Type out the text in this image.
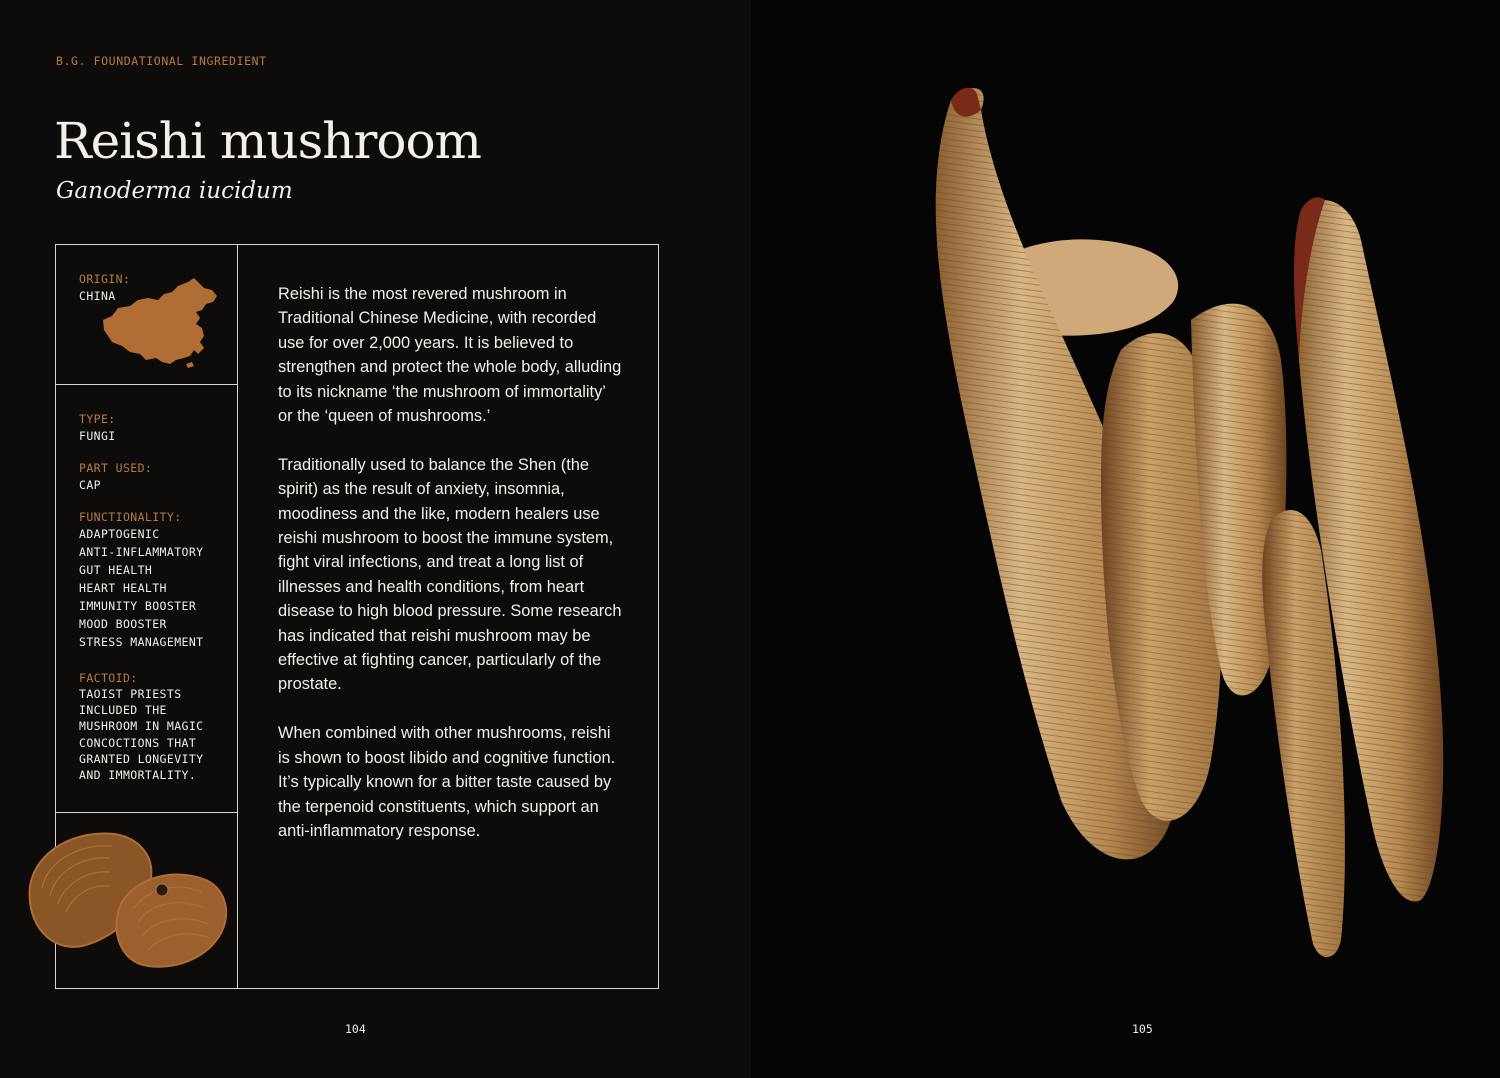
B.G. FOUNDATIONAL INGREDIENT
Reishi mushroom
Ganoderma iucidum
ORIGIN:
CHINA
TYPE:
FUNGI
PART USED:
CAP
FUNCTIONALITY:
ADAPTOGENIC
ANTI-INFLAMMATORY
GUT HEALTH
HEART HEALTH
IMMUNITY BOOSTER
MOOD BOOSTER
STRESS MANAGEMENT
FACTOID:
TAOIST PRIESTS INCLUDED THE MUSHROOM IN MAGIC CONCOCTIONS THAT GRANTED LONGEVITY AND IMMORTALITY.

Reishi is the most revered mushroom in Traditional Chinese Medicine, with recorded use for over 2,000 years. It is believed to strengthen and protect the whole body, alluding to its nickname ‘the mushroom of immortality’ or the ‘queen of mushrooms.’

Traditionally used to balance the Shen (the spirit) as the result of anxiety, insomnia, moodiness and the like, modern healers use reishi mushroom to boost the immune system, fight viral infections, and treat a long list of illnesses and health conditions, from heart disease to high blood pressure. Some research has indicated that reishi mushroom may be effective at fighting cancer, particularly of the prostate.

When combined with other mushrooms, reishi is shown to boost libido and cognitive function. It’s typically known for a bitter taste caused by the terpenoid constituents, which support an anti-inflammatory response.

104	105
